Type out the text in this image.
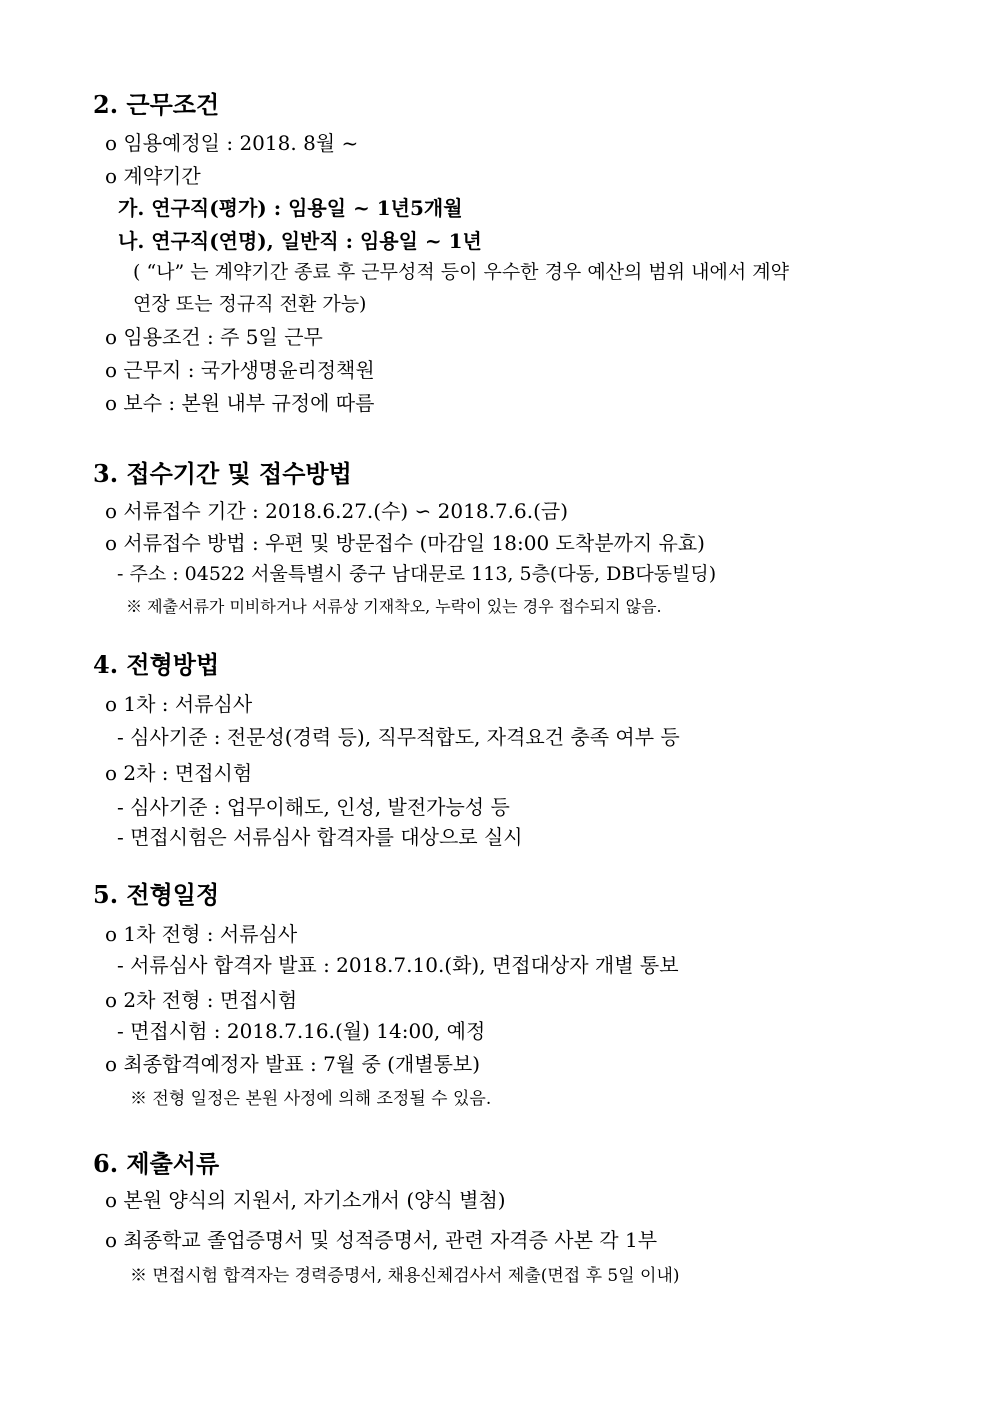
2. 근무조건
o 임용예정일 : 2018. 8월 ~
o 계약기간
가. 연구직(평가) : 임용일 ~ 1년5개월
나. 연구직(연명), 일반직 : 임용일 ~ 1년
( “나” 는 계약기간 종료 후 근무성적 등이 우수한 경우 예산의 범위 내에서 계약
연장 또는 정규직 전환 가능)
o 임용조건 : 주 5일 근무
o 근무지 : 국가생명윤리정책원
o 보수 : 본원 내부 규정에 따름
3. 접수기간 및 접수방법
o 서류접수 기간 : 2018.6.27.(수) ∽ 2018.7.6.(금)
o 서류접수 방법 : 우편 및 방문접수 (마감일 18:00 도착분까지 유효)
- 주소 : 04522 서울특별시 중구 남대문로 113, 5층(다동, DB다동빌딩)
※ 제출서류가 미비하거나 서류상 기재착오, 누락이 있는 경우 접수되지 않음.
4. 전형방법
o 1차 : 서류심사
- 심사기준 : 전문성(경력 등), 직무적합도, 자격요건 충족 여부 등
o 2차 : 면접시험
- 심사기준 : 업무이해도, 인성, 발전가능성 등
- 면접시험은 서류심사 합격자를 대상으로 실시
5. 전형일정
o 1차 전형 : 서류심사
- 서류심사 합격자 발표 : 2018.7.10.(화), 면접대상자 개별 통보
o 2차 전형 : 면접시험
- 면접시험 : 2018.7.16.(월) 14:00, 예정
o 최종합격예정자 발표 : 7월 중 (개별통보)
※ 전형 일정은 본원 사정에 의해 조정될 수 있음.
6. 제출서류
o 본원 양식의 지원서, 자기소개서 (양식 별첨)
o 최종학교 졸업증명서 및 성적증명서, 관련 자격증 사본 각 1부
※ 면접시험 합격자는 경력증명서, 채용신체검사서 제출(면접 후 5일 이내)
